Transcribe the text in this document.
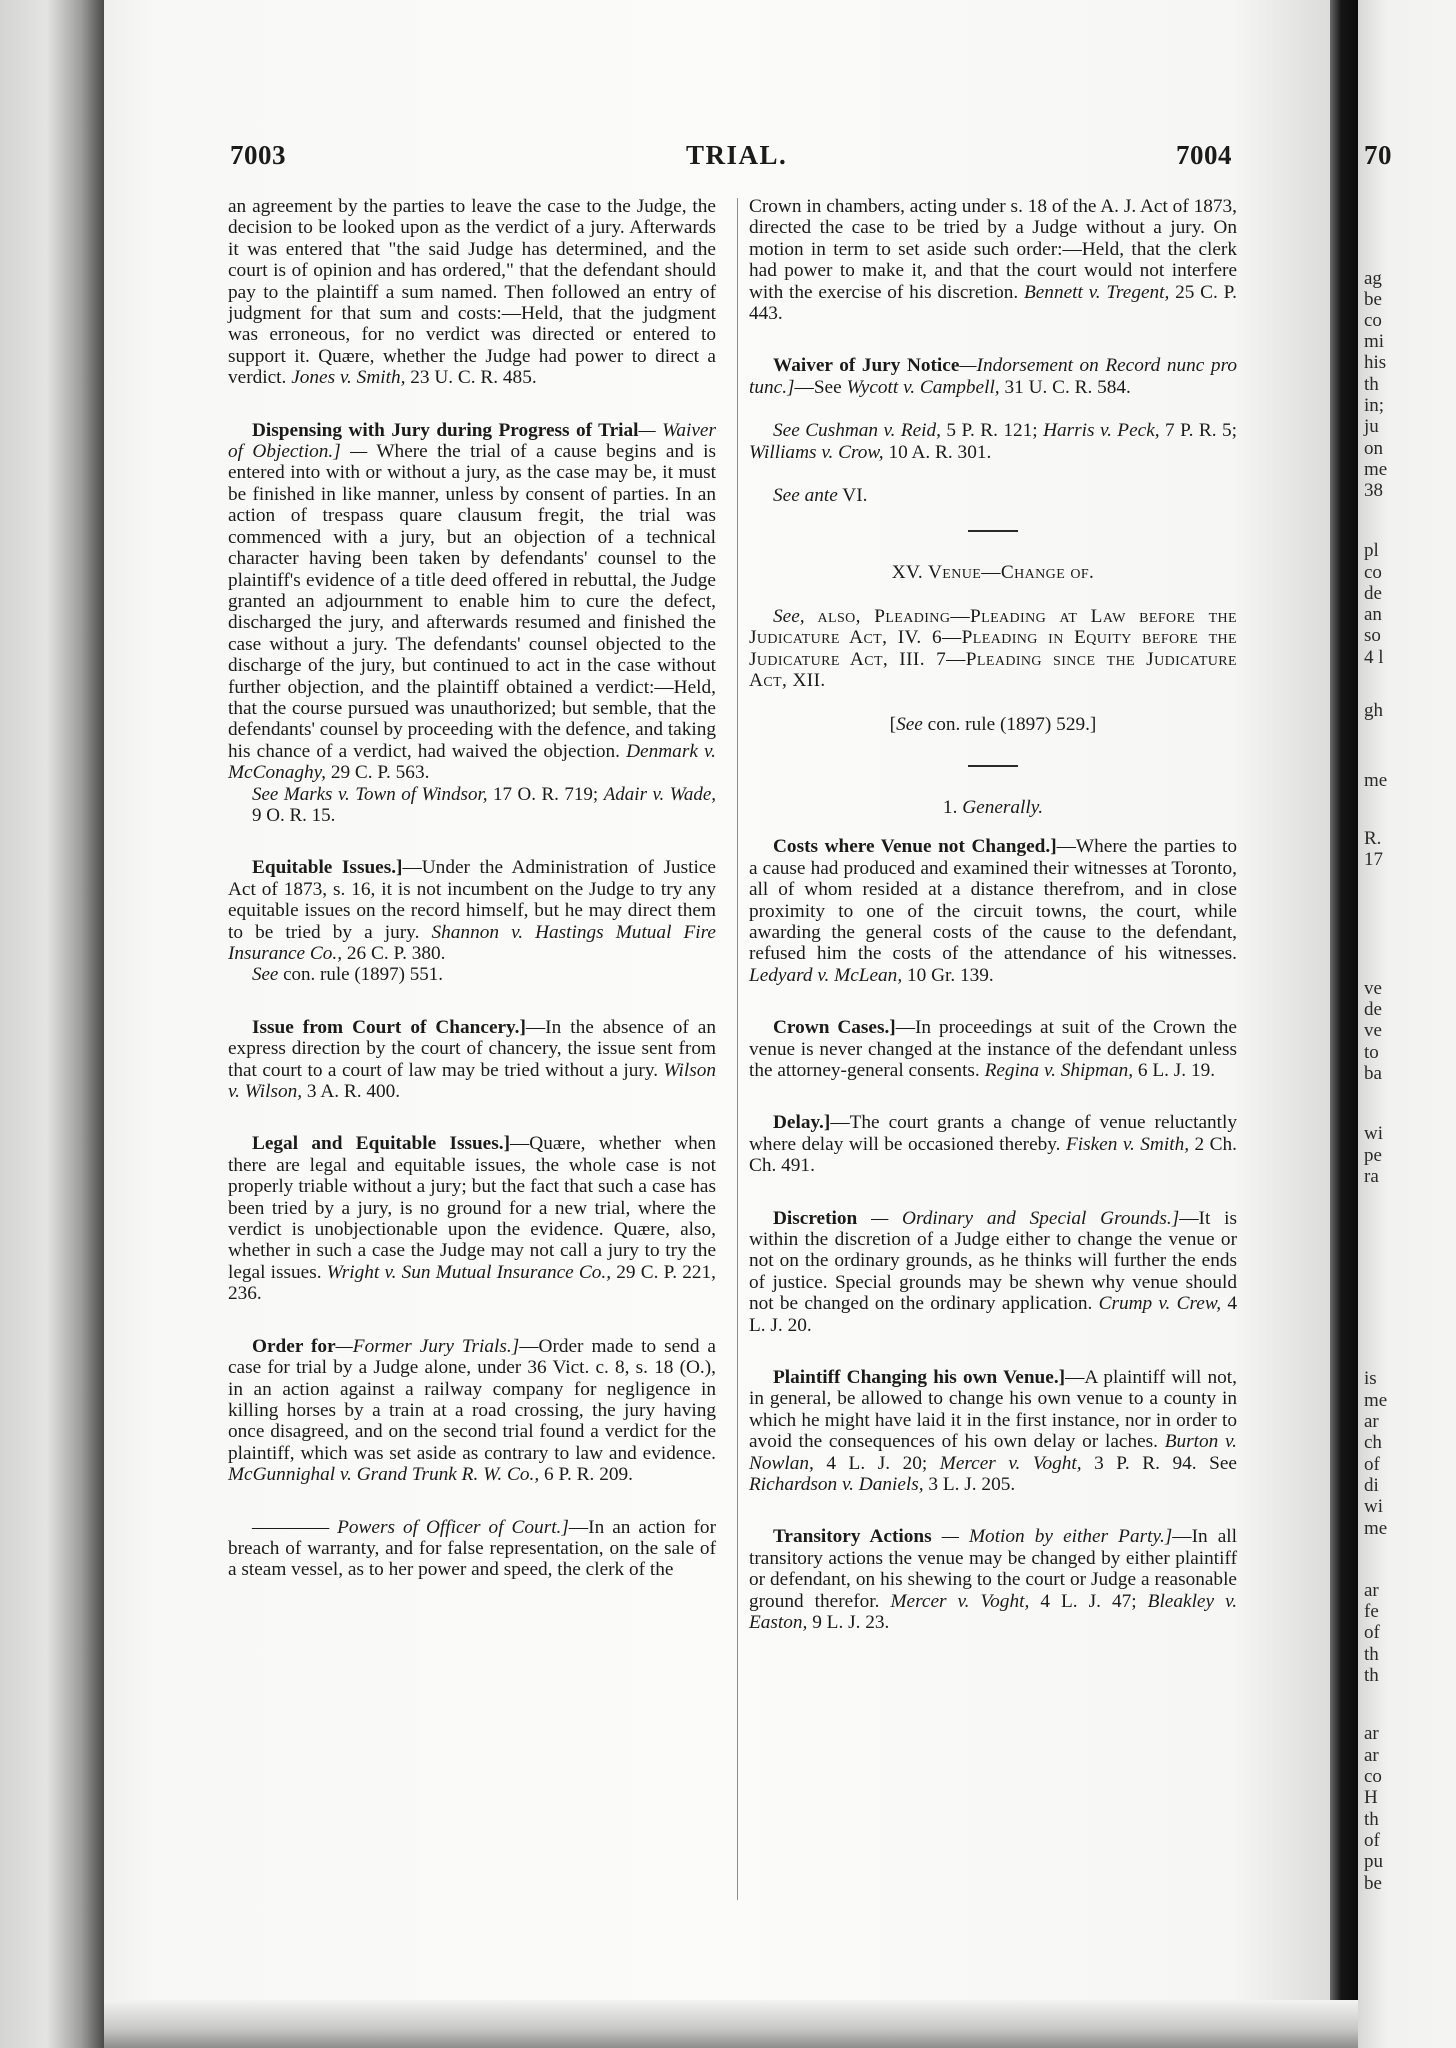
70
ag
be
co
mi
his
th
in;
ju
on
me
38
pl
co
de
an
so
4 l
gh
me
R.
17
ve
de
ve
to
ba
wi
pe
ra
is
me
ar
ch
of
di
wi
me
ar
fe
of
th
th
ar
ar
co
H
th
of
pu
be
7003	TRIAL.	7004

an agreement by the parties to leave the case to the Judge, the decision to be looked upon as the verdict of a jury. Afterwards it was entered that "the said Judge has determined, and the court is of opinion and has ordered," that the defendant should pay to the plaintiff a sum named. Then followed an entry of judgment for that sum and costs:—Held, that the judgment was erroneous, for no verdict was directed or entered to support it. Quære, whether the Judge had power to direct a verdict. Jones v. Smith, 23 U. C. R. 485.

Dispensing with Jury during Progress of Trial— Waiver of Objection.] — Where the trial of a cause begins and is entered into with or without a jury, as the case may be, it must be finished in like manner, unless by consent of parties. In an action of trespass quare clausum fregit, the trial was commenced with a jury, but an objection of a technical character having been taken by defendants' counsel to the plaintiff's evidence of a title deed offered in rebuttal, the Judge granted an adjournment to enable him to cure the defect, discharged the jury, and afterwards resumed and finished the case without a jury. The defendants' counsel objected to the discharge of the jury, but continued to act in the case without further objection, and the plaintiff obtained a verdict:—Held, that the course pursued was unauthorized; but semble, that the defendants' counsel by proceeding with the defence, and taking his chance of a verdict, had waived the objection. Denmark v. McConaghy, 29 C. P. 563.

See Marks v. Town of Windsor, 17 O. R. 719; Adair v. Wade, 9 O. R. 15.

Equitable Issues.]—Under the Administration of Justice Act of 1873, s. 16, it is not incumbent on the Judge to try any equitable issues on the record himself, but he may direct them to be tried by a jury. Shannon v. Hastings Mutual Fire Insurance Co., 26 C. P. 380.

See con. rule (1897) 551.

Issue from Court of Chancery.]—In the absence of an express direction by the court of chancery, the issue sent from that court to a court of law may be tried without a jury. Wilson v. Wilson, 3 A. R. 400.

Legal and Equitable Issues.]—Quære, whether when there are legal and equitable issues, the whole case is not properly triable without a jury; but the fact that such a case has been tried by a jury, is no ground for a new trial, where the verdict is unobjectionable upon the evidence. Quære, also, whether in such a case the Judge may not call a jury to try the legal issues. Wright v. Sun Mutual Insurance Co., 29 C. P. 221, 236.

Order for—Former Jury Trials.]—Order made to send a case for trial by a Judge alone, under 36 Vict. c. 8, s. 18 (O.), in an action against a railway company for negligence in killing horses by a train at a road crossing, the jury having once disagreed, and on the second trial found a verdict for the plaintiff, which was set aside as contrary to law and evidence. McGunnighal v. Grand Trunk R. W. Co., 6 P. R. 209.

———— Powers of Officer of Court.]—In an action for breach of warranty, and for false representation, on the sale of a steam vessel, as to her power and speed, the clerk of the

Crown in chambers, acting under s. 18 of the A. J. Act of 1873, directed the case to be tried by a Judge without a jury. On motion in term to set aside such order:—Held, that the clerk had power to make it, and that the court would not interfere with the exercise of his discretion. Bennett v. Tregent, 25 C. P. 443.

Waiver of Jury Notice—Indorsement on Record nunc pro tunc.]—See Wycott v. Campbell, 31 U. C. R. 584.

See Cushman v. Reid, 5 P. R. 121; Harris v. Peck, 7 P. R. 5; Williams v. Crow, 10 A. R. 301.

See ante VI.

XV. Venue—Change of.

See, also, Pleading—Pleading at Law before the Judicature Act, IV. 6—Pleading in Equity before the Judicature Act, III. 7—Pleading since the Judicature Act, XII.

[See con. rule (1897) 529.]

1. Generally.

Costs where Venue not Changed.]—Where the parties to a cause had produced and examined their witnesses at Toronto, all of whom resided at a distance therefrom, and in close proximity to one of the circuit towns, the court, while awarding the general costs of the cause to the defendant, refused him the costs of the attendance of his witnesses. Ledyard v. McLean, 10 Gr. 139.

Crown Cases.]—In proceedings at suit of the Crown the venue is never changed at the instance of the defendant unless the attorney-general consents. Regina v. Shipman, 6 L. J. 19.

Delay.]—The court grants a change of venue reluctantly where delay will be occasioned thereby. Fisken v. Smith, 2 Ch. Ch. 491.

Discretion — Ordinary and Special Grounds.]—It is within the discretion of a Judge either to change the venue or not on the ordinary grounds, as he thinks will further the ends of justice. Special grounds may be shewn why venue should not be changed on the ordinary application. Crump v. Crew, 4 L. J. 20.

Plaintiff Changing his own Venue.]—A plaintiff will not, in general, be allowed to change his own venue to a county in which he might have laid it in the first instance, nor in order to avoid the consequences of his own delay or laches. Burton v. Nowlan, 4 L. J. 20; Mercer v. Voght, 3 P. R. 94. See Richardson v. Daniels, 3 L. J. 205.

Transitory Actions — Motion by either Party.]—In all transitory actions the venue may be changed by either plaintiff or defendant, on his shewing to the court or Judge a reasonable ground therefor. Mercer v. Voght, 4 L. J. 47; Bleakley v. Easton, 9 L. J. 23.
